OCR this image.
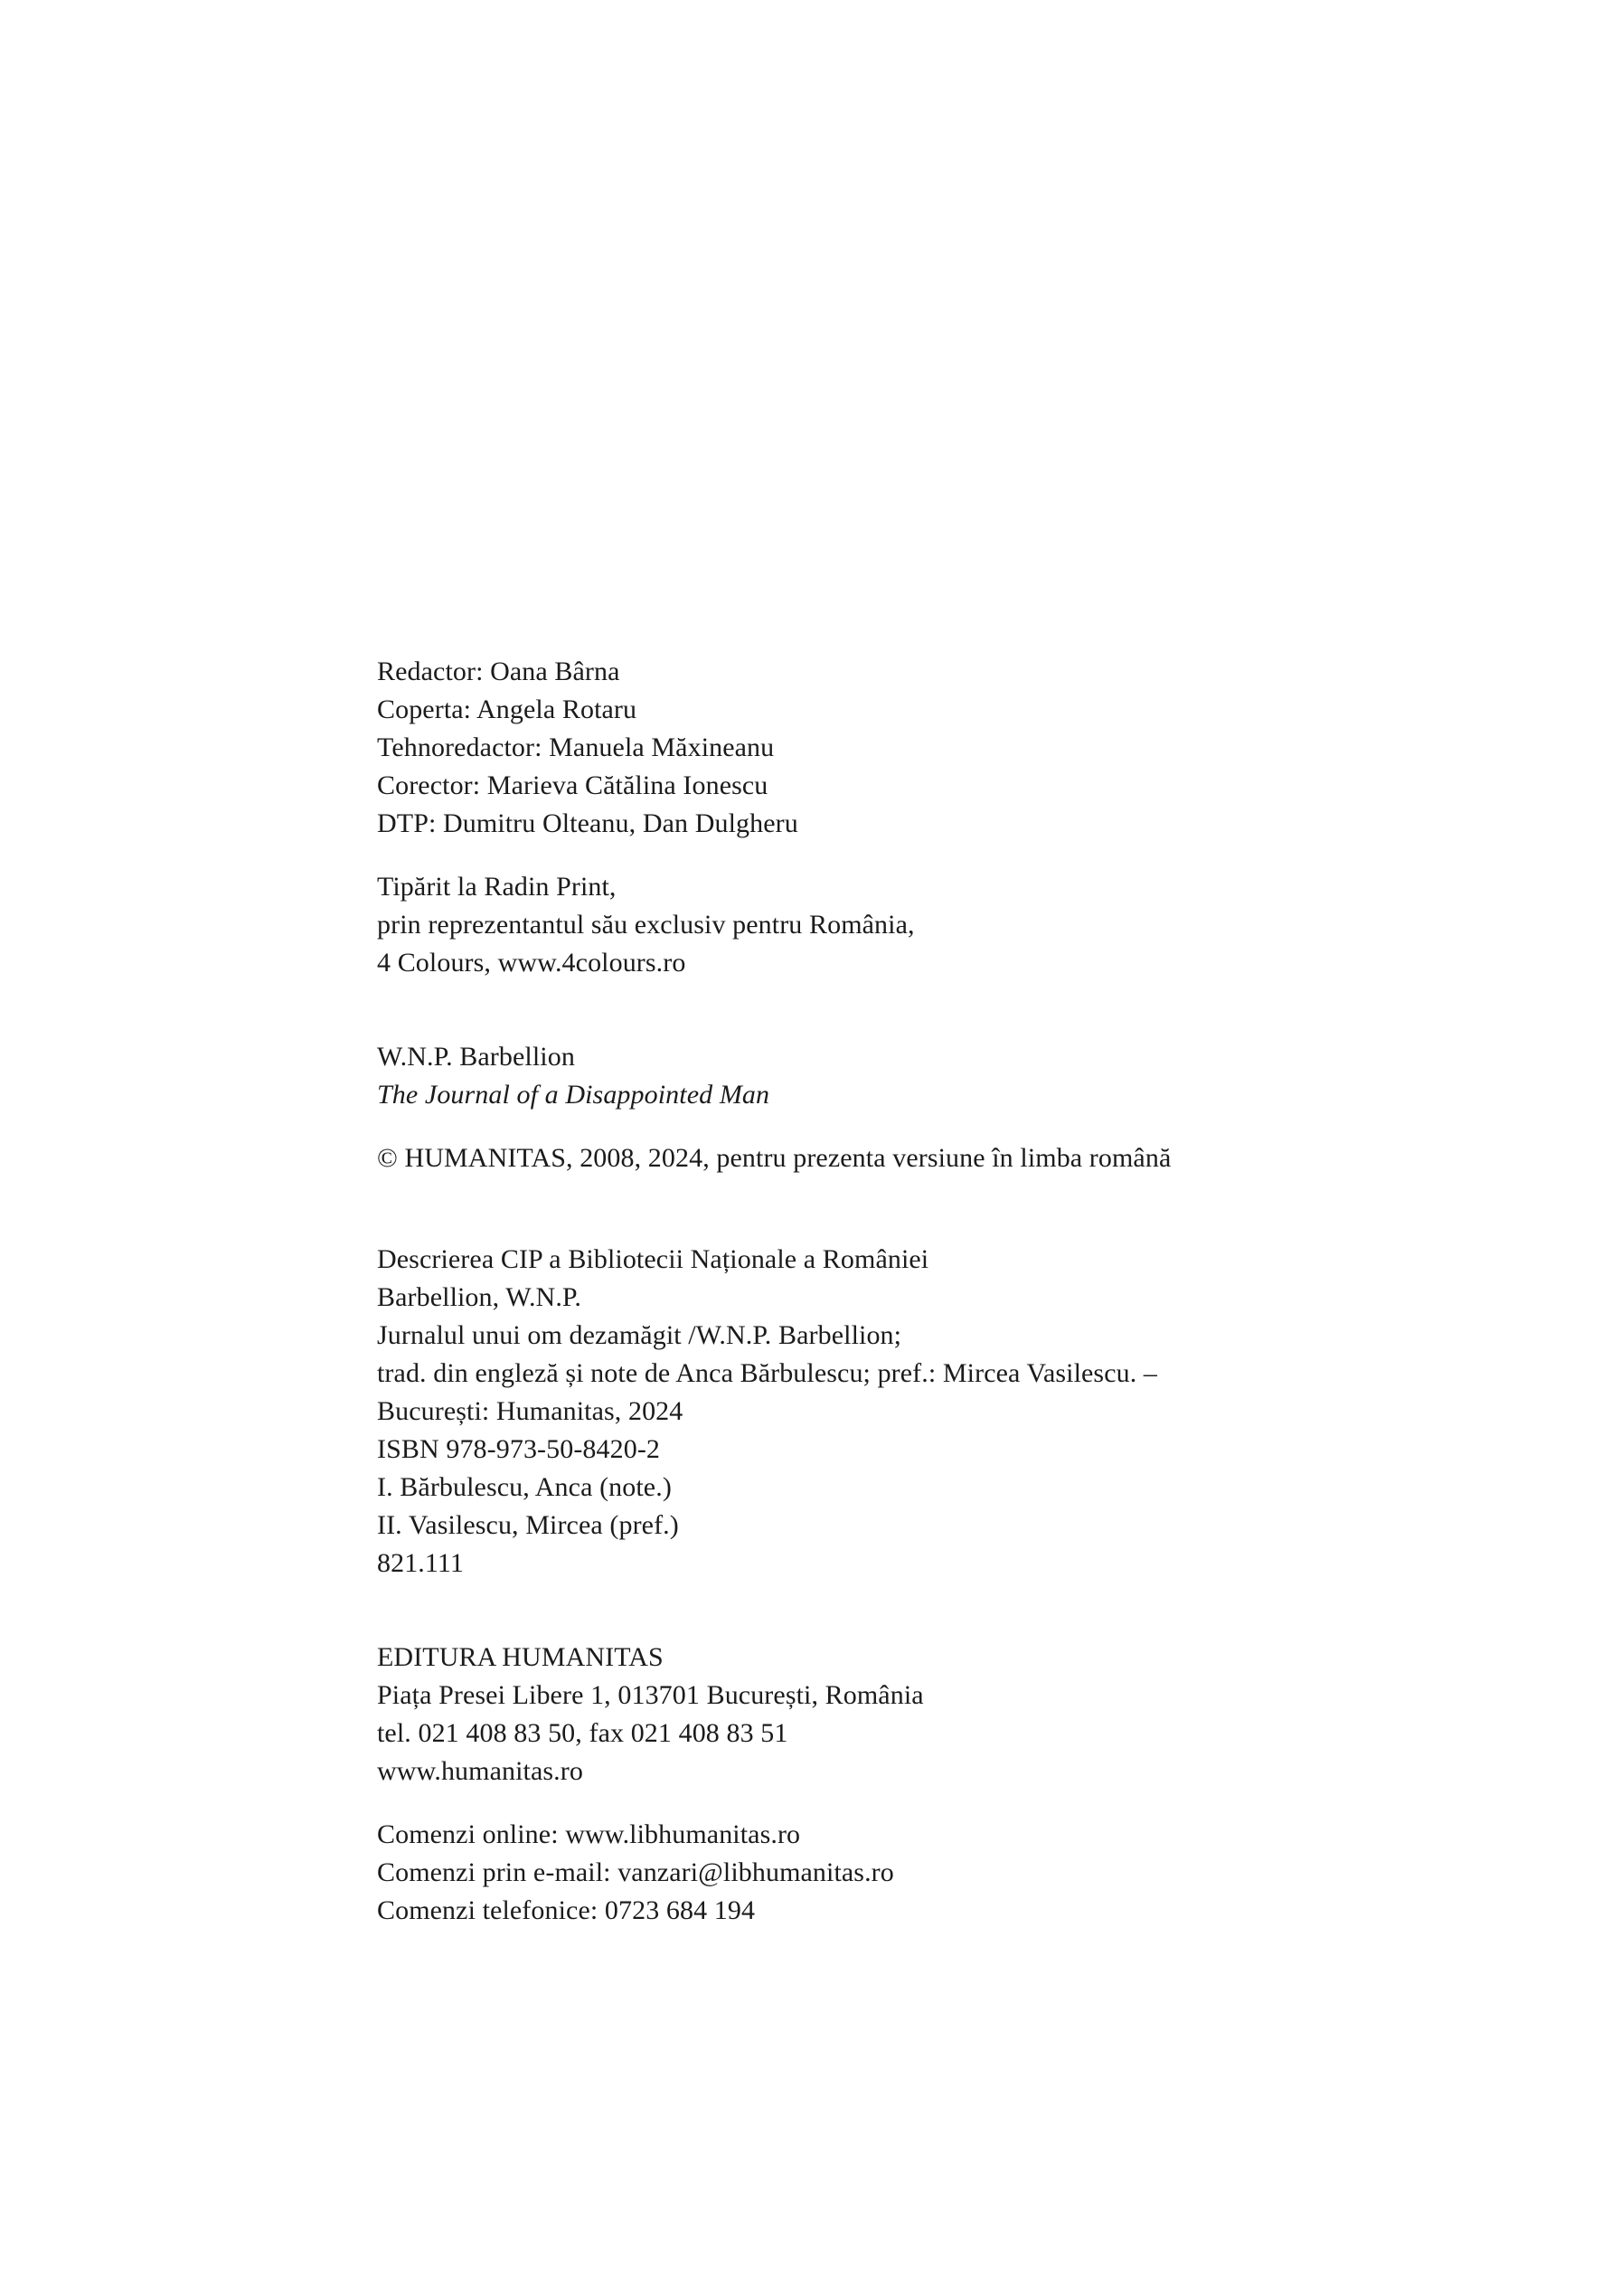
Redactor: Oana Bârna
Coperta: Angela Rotaru
Tehnoredactor: Manuela Măxineanu
Corector: Marieva Cătălina Ionescu
DTP: Dumitru Olteanu, Dan Dulgheru
Tipărit la Radin Print,
prin reprezentantul său exclusiv pentru România,
4 Colours, www.4colours.ro
W.N.P. Barbellion
The Journal of a Disappointed Man
© HUMANITAS, 2008, 2024, pentru prezenta versiune în limba română
Descrierea CIP a Bibliotecii Naționale a României
Barbellion, W.N.P.
Jurnalul unui om dezamăgit /W.N.P. Barbellion;
trad. din engleză și note de Anca Bărbulescu; pref.: Mircea Vasilescu. –
București: Humanitas, 2024
ISBN 978-973-50-8420-2
I. Bărbulescu, Anca (note.)
II. Vasilescu, Mircea (pref.)
821.111
EDITURA HUMANITAS
Piața Presei Libere 1, 013701 București, România
tel. 021 408 83 50, fax 021 408 83 51
www.humanitas.ro
Comenzi online: www.libhumanitas.ro
Comenzi prin e-mail: vanzari@libhumanitas.ro
Comenzi telefonice: 0723 684 194
